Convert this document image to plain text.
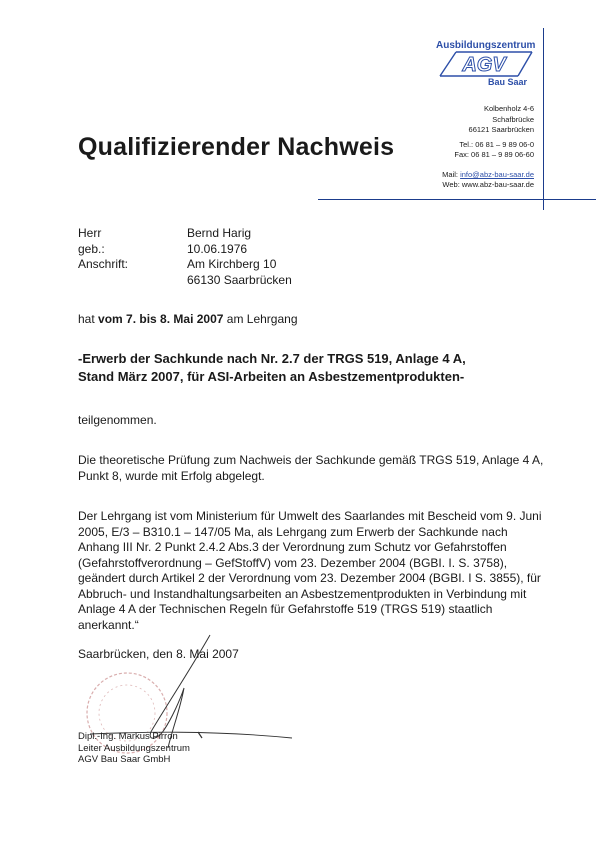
Ausbildungszentrum
AGV
Bau Saar
Kolbenholz 4-6
Schafbrücke
66121 Saarbrücken
Tel.: 06 81 – 9 89 06-0
Fax: 06 81 – 9 89 06-60
Mail: info@abz-bau-saar.de
Web: www.abz-bau-saar.de
Qualifizierender Nachweis
Herr	Bernd Harig
geb.:	10.06.1976
Anschrift:	Am Kirchberg 10
66130 Saarbrücken
hat vom 7. bis 8. Mai 2007 am Lehrgang
-Erwerb der Sachkunde nach Nr. 2.7 der TRGS 519, Anlage 4 A,
Stand März 2007, für ASI-Arbeiten an Asbestzementprodukten-
teilgenommen.
Die theoretische Prüfung zum Nachweis der Sachkunde gemäß TRGS 519, Anlage 4 A, Punkt 8, wurde mit Erfolg abgelegt.
Der Lehrgang ist vom Ministerium für Umwelt des Saarlandes mit Bescheid vom 9. Juni 2005, E/3 – B310.1 – 147/05 Ma, als Lehrgang zum Erwerb der Sachkunde nach Anhang III Nr. 2 Punkt 2.4.2 Abs.3 der Verordnung zum Schutz vor Gefahrstoffen (Gefahrstoffverordnung – GefStoffV) vom 23. Dezember 2004 (BGBI. I. S. 3758), geändert durch Artikel 2 der Verordnung vom 23. Dezember 2004 (BGBI. I S. 3855), für Abbruch- und Instandhaltungsarbeiten an Asbestzementprodukten in Verbindung mit Anlage 4 A der Technischen Regeln für Gefahrstoffe 519 (TRGS 519) staatlich anerkannt.“
Saarbrücken, den 8. Mai 2007
Dipl.-Ing. Markus Pirron
Leiter Ausbildungszentrum
AGV Bau Saar GmbH
